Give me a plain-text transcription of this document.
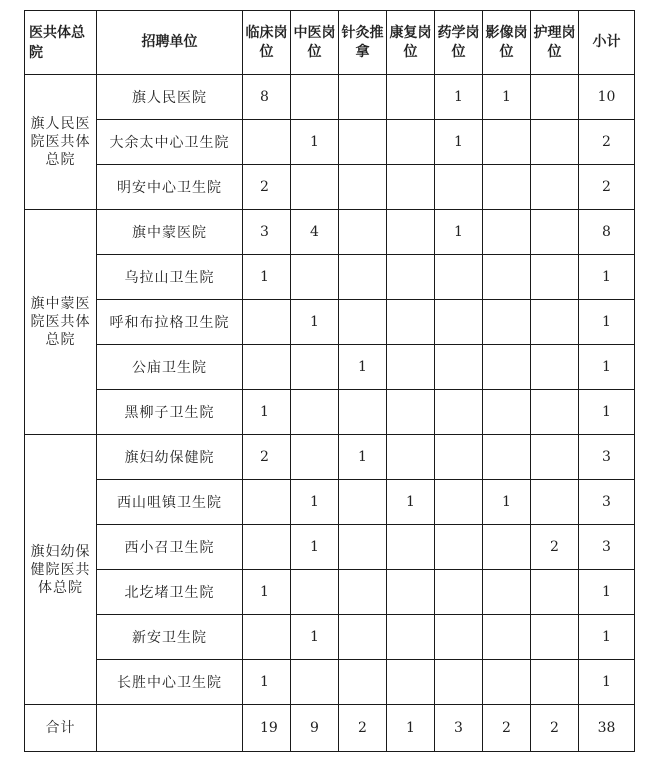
医共体总院	招聘单位	临床岗位	中医岗位	针灸推拿	康复岗位	药学岗位	影像岗位	护理岗位	小计
旗人民医院医共体总院	旗人民医院	8				1	1		10
	大余太中心卫生院		1			1			2
	明安中心卫生院	2							2
旗中蒙医院医共体总院	旗中蒙医院	3	4			1			8
	乌拉山卫生院	1							1
	呼和布拉格卫生院		1						1
	公庙卫生院			1					1
	黑柳子卫生院	1							1
旗妇幼保健院医共体总院	旗妇幼保健院	2		1					3
	西山咀镇卫生院		1		1		1		3
	西小召卫生院		1					2	3
	北圪堵卫生院	1							1
	新安卫生院		1						1
	长胜中心卫生院	1							1
合计		19	9	2	1	3	2	2	38
